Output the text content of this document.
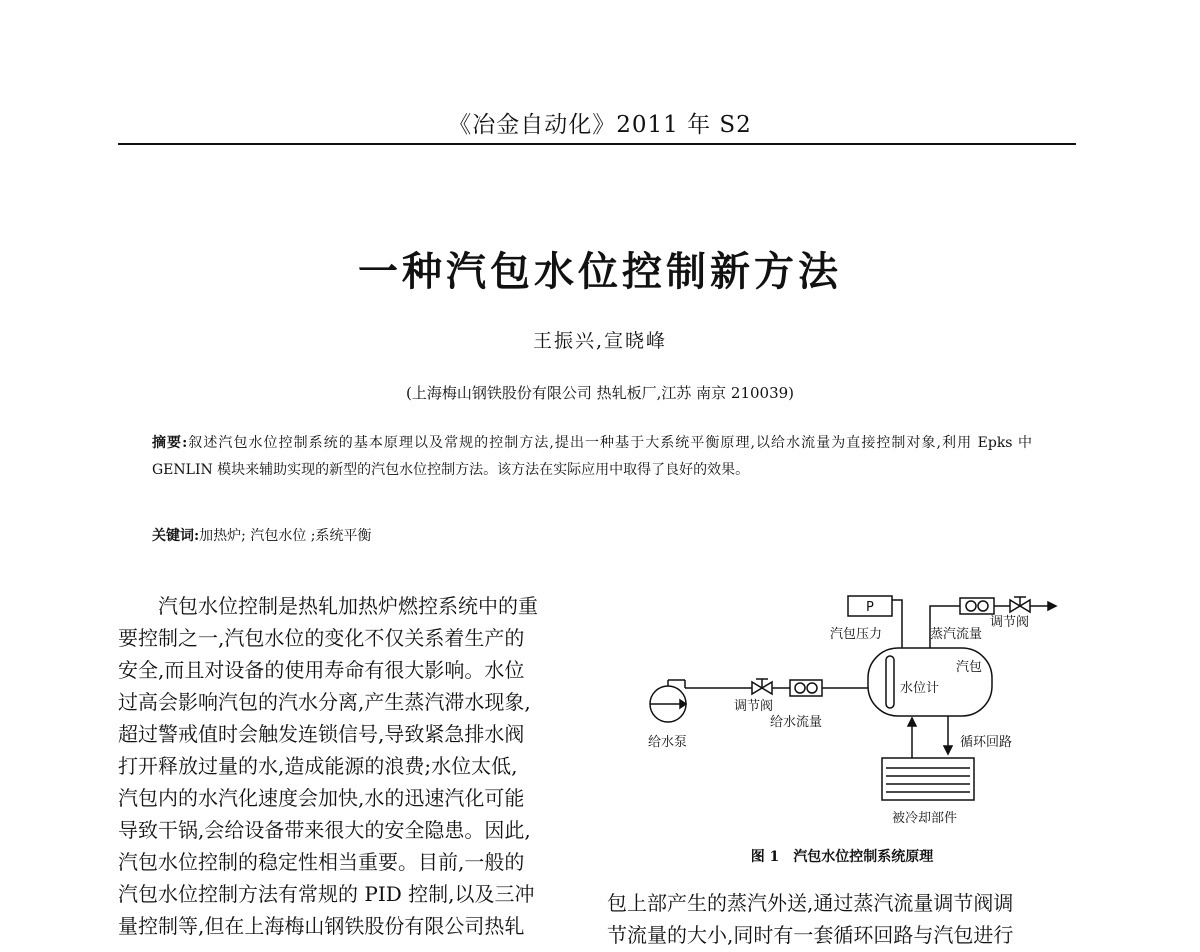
《冶金自动化》2011 年 S2
一种汽包水位控制新方法
王振兴,宣晓峰
(上海梅山钢铁股份有限公司 热轧板厂,江苏 南京 210039)
摘要:叙述汽包水位控制系统的基本原理以及常规的控制方法,提出一种基于大系统平衡原理,以给水流量为直接控制对象,利用 Epks 中 GENLIN 模块来辅助实现的新型的汽包水位控制方法。该方法在实际应用中取得了良好的效果。
关键词:加热炉; 汽包水位 ;系统平衡
汽包水位控制是热轧加热炉燃控系统中的重
要控制之一,汽包水位的变化不仅关系着生产的
安全,而且对设备的使用寿命有很大影响。水位
过高会影响汽包的汽水分离,产生蒸汽滞水现象,
超过警戒值时会触发连锁信号,导致紧急排水阀
打开释放过量的水,造成能源的浪费;水位太低,
汽包内的水汽化速度会加快,水的迅速汽化可能
导致干锅,会给设备带来很大的安全隐患。因此,
汽包水位控制的稳定性相当重要。目前,一般的
汽包水位控制方法有常规的 PID 控制,以及三冲
量控制等,但在上海梅山钢铁股份有限公司热轧
P
汽包压力	蒸汽流量
调节阀
汽包
水位计
调节阀
给水流量
给水泵	循环回路
被冷却部件
图 1 汽包水位控制系统原理
包上部产生的蒸汽外送,通过蒸汽流量调节阀调
节流量的大小,同时有一套循环回路与汽包进行
